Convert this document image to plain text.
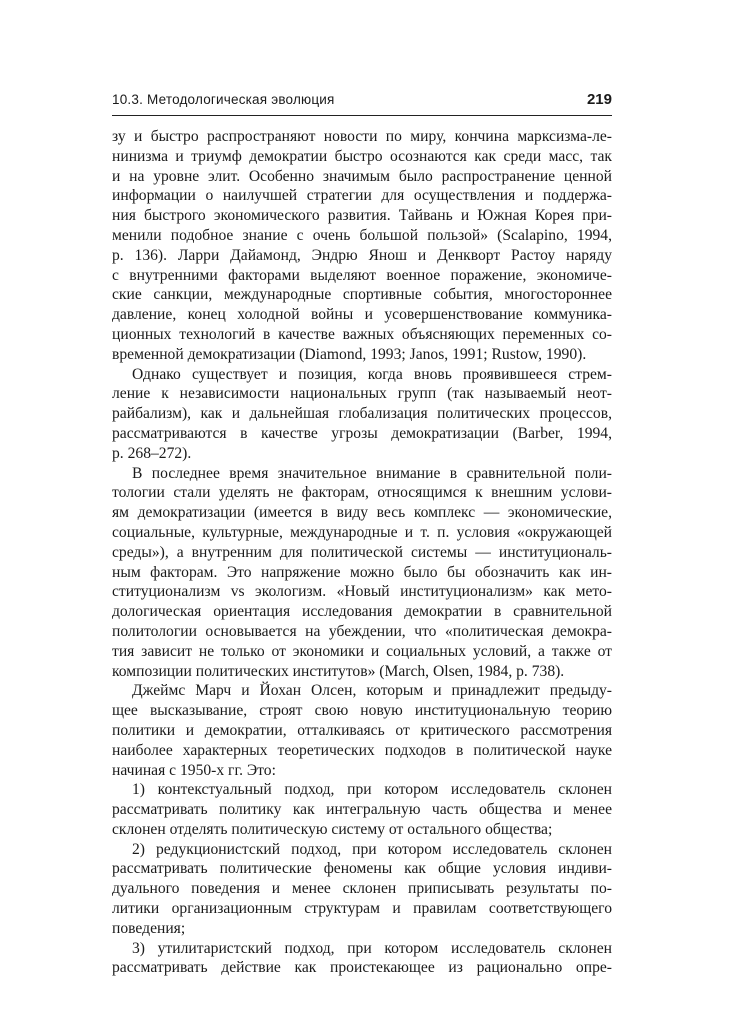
10.3. Методологическая эволюция	219
зу и быстро распространяют новости по миру, кончина марксизма-ле-
нинизма и триумф демократии быстро осознаются как среди масс, так
и на уровне элит. Особенно значимым было распространение ценной
информации о наилучшей стратегии для осуществления и поддержа-
ния быстрого экономического развития. Тайвань и Южная Корея при-
менили подобное знание с очень большой пользой» (Scalapino, 1994,
p. 136). Ларри Дайамонд, Эндрю Янош и Денкворт Растоу наряду
с внутренними факторами выделяют военное поражение, экономиче-
ские санкции, международные спортивные события, многостороннее
давление, конец холодной войны и усовершенствование коммуника-
ционных технологий в качестве важных объясняющих переменных со-
временной демократизации (Diamond, 1993; Janos, 1991; Rustow, 1990).
Однако существует и позиция, когда вновь проявившееся стрем-
ление к независимости национальных групп (так называемый неот-
райбализм), как и дальнейшая глобализация политических процессов,
рассматриваются в качестве угрозы демократизации (Barber, 1994,
p. 268–272).
В последнее время значительное внимание в сравнительной поли-
тологии стали уделять не факторам, относящимся к внешним услови-
ям демократизации (имеется в виду весь комплекс — экономические,
социальные, культурные, международные и т. п. условия «окружающей
среды»), а внутренним для политической системы — институциональ-
ным факторам. Это напряжение можно было бы обозначить как ин-
ституционализм vs экологизм. «Новый институционализм» как мето-
дологическая ориентация исследования демократии в сравнительной
политологии основывается на убеждении, что «политическая демокра-
тия зависит не только от экономики и социальных условий, а также от
композиции политических институтов» (March, Olsen, 1984, p. 738).
Джеймс Марч и Йохан Олсен, которым и принадлежит предыду-
щее высказывание, строят свою новую институциональную теорию
политики и демократии, отталкиваясь от критического рассмотрения
наиболее характерных теоретических подходов в политической науке
начиная с 1950-х гг. Это:
1) контекстуальный подход, при котором исследователь склонен
рассматривать политику как интегральную часть общества и менее
склонен отделять политическую систему от остального общества;
2) редукционистский подход, при котором исследователь склонен
рассматривать политические феномены как общие условия индиви-
дуального поведения и менее склонен приписывать результаты по-
литики организационным структурам и правилам соответствующего
поведения;
3) утилитаристский подход, при котором исследователь склонен
рассматривать действие как проистекающее из рационально опре-
